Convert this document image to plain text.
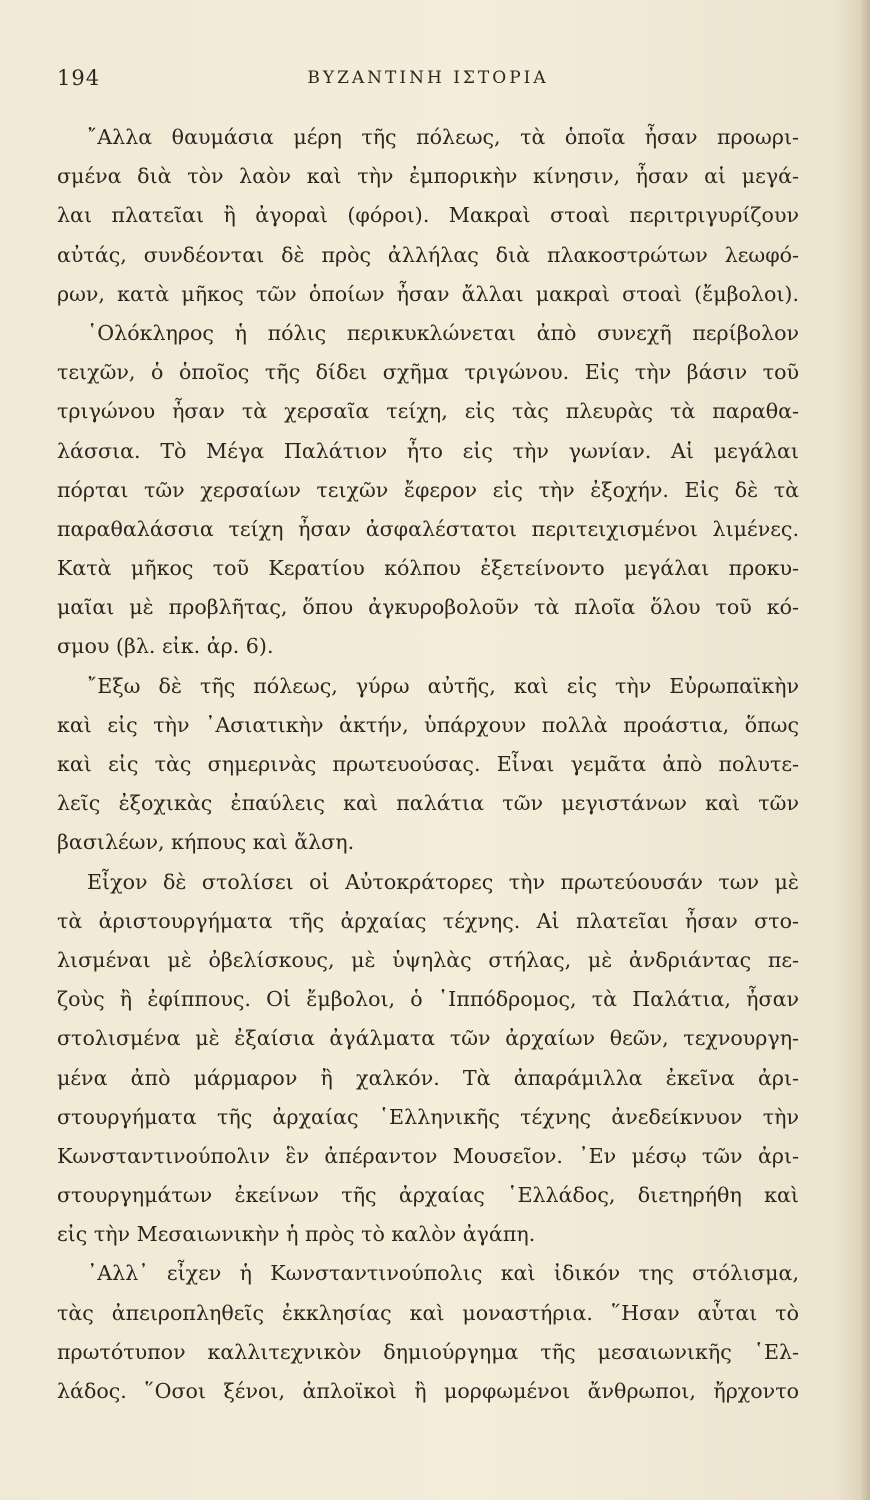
194	ΒΥΖΑΝΤΙΝΗ ΙΣΤΟΡΙΑ
῎Αλλα θαυμάσια μέρη τῆς πόλεως, τὰ ὁποῖα ἦσαν προωρι-
σμένα διὰ τὸν λαὸν καὶ τὴν ἐμπορικὴν κίνησιν, ἦσαν αἱ μεγά-
λαι πλατεῖαι ἢ ἀγοραὶ (φόροι). Μακραὶ στοαὶ περιτριγυρίζουν
αὐτάς, συνδέονται δὲ πρὸς ἀλλήλας διὰ πλακοστρώτων λεωφό-
ρων, κατὰ μῆκος τῶν ὁποίων ἦσαν ἄλλαι μακραὶ στοαὶ (ἔμβολοι).
῾Ολόκληρος ἡ πόλις περικυκλώνεται ἀπὸ συνεχῆ περίβολον
τειχῶν, ὁ ὁποῖος τῆς δίδει σχῆμα τριγώνου. Εἰς τὴν βάσιν τοῦ
τριγώνου ἦσαν τὰ χερσαῖα τείχη, εἰς τὰς πλευρὰς τὰ παραθα-
λάσσια. Τὸ Μέγα Παλάτιον ἦτο εἰς τὴν γωνίαν. Αἱ μεγάλαι
πόρται τῶν χερσαίων τειχῶν ἔφερον εἰς τὴν ἐξοχήν. Εἰς δὲ τὰ
παραθαλάσσια τείχη ἦσαν ἀσφαλέστατοι περιτειχισμένοι λιμένες.
Κατὰ μῆκος τοῦ Κερατίου κόλπου ἐξετείνοντο μεγάλαι προκυ-
μαῖαι μὲ προβλῆτας, ὅπου ἀγκυροβολοῦν τὰ πλοῖα ὅλου τοῦ κό-
σμου (βλ. εἰκ. ἀρ. 6).
῎Εξω δὲ τῆς πόλεως, γύρω αὐτῆς, καὶ εἰς τὴν Εὐρωπαϊκὴν
καὶ εἰς τὴν ᾿Ασιατικὴν ἀκτήν, ὑπάρχουν πολλὰ προάστια, ὅπως
καὶ εἰς τὰς σημερινὰς πρωτευούσας. Εἶναι γεμᾶτα ἀπὸ πολυτε-
λεῖς ἐξοχικὰς ἐπαύλεις καὶ παλάτια τῶν μεγιστάνων καὶ τῶν
βασιλέων, κήπους καὶ ἄλση.
Εἶχον δὲ στολίσει οἱ Αὐτοκράτορες τὴν πρωτεύουσάν των μὲ
τὰ ἀριστουργήματα τῆς ἀρχαίας τέχνης. Αἱ πλατεῖαι ἦσαν στο-
λισμέναι μὲ ὀβελίσκους, μὲ ὑψηλὰς στήλας, μὲ ἀνδριάντας πε-
ζοὺς ἢ ἐφίππους. Οἱ ἔμβολοι, ὁ ῾Ιππόδρομος, τὰ Παλάτια, ἦσαν
στολισμένα μὲ ἐξαίσια ἀγάλματα τῶν ἀρχαίων θεῶν, τεχνουργη-
μένα ἀπὸ μάρμαρον ἢ χαλκόν. Τὰ ἀπαράμιλλα ἐκεῖνα ἀρι-
στουργήματα τῆς ἀρχαίας ῾Ελληνικῆς τέχνης ἀνεδείκνυον τὴν
Κωνσταντινούπολιν ἓν ἀπέραντον Μουσεῖον. ᾿Εν μέσῳ τῶν ἀρι-
στουργημάτων ἐκείνων τῆς ἀρχαίας ῾Ελλάδος, διετηρήθη καὶ
εἰς τὴν Μεσαιωνικὴν ἡ πρὸς τὸ καλὸν ἀγάπη.
᾿Αλλ᾿ εἶχεν ἡ Κωνσταντινούπολις καὶ ἰδικόν της στόλισμα,
τὰς ἀπειροπληθεῖς ἐκκλησίας καὶ μοναστήρια. ῞Ησαν αὗται τὸ
πρωτότυπον καλλιτεχνικὸν δημιούργημα τῆς μεσαιωνικῆς ῾Ελ-
λάδος. ῞Οσοι ξένοι, ἀπλοϊκοὶ ἢ μορφωμένοι ἄνθρωποι, ἤρχοντο
